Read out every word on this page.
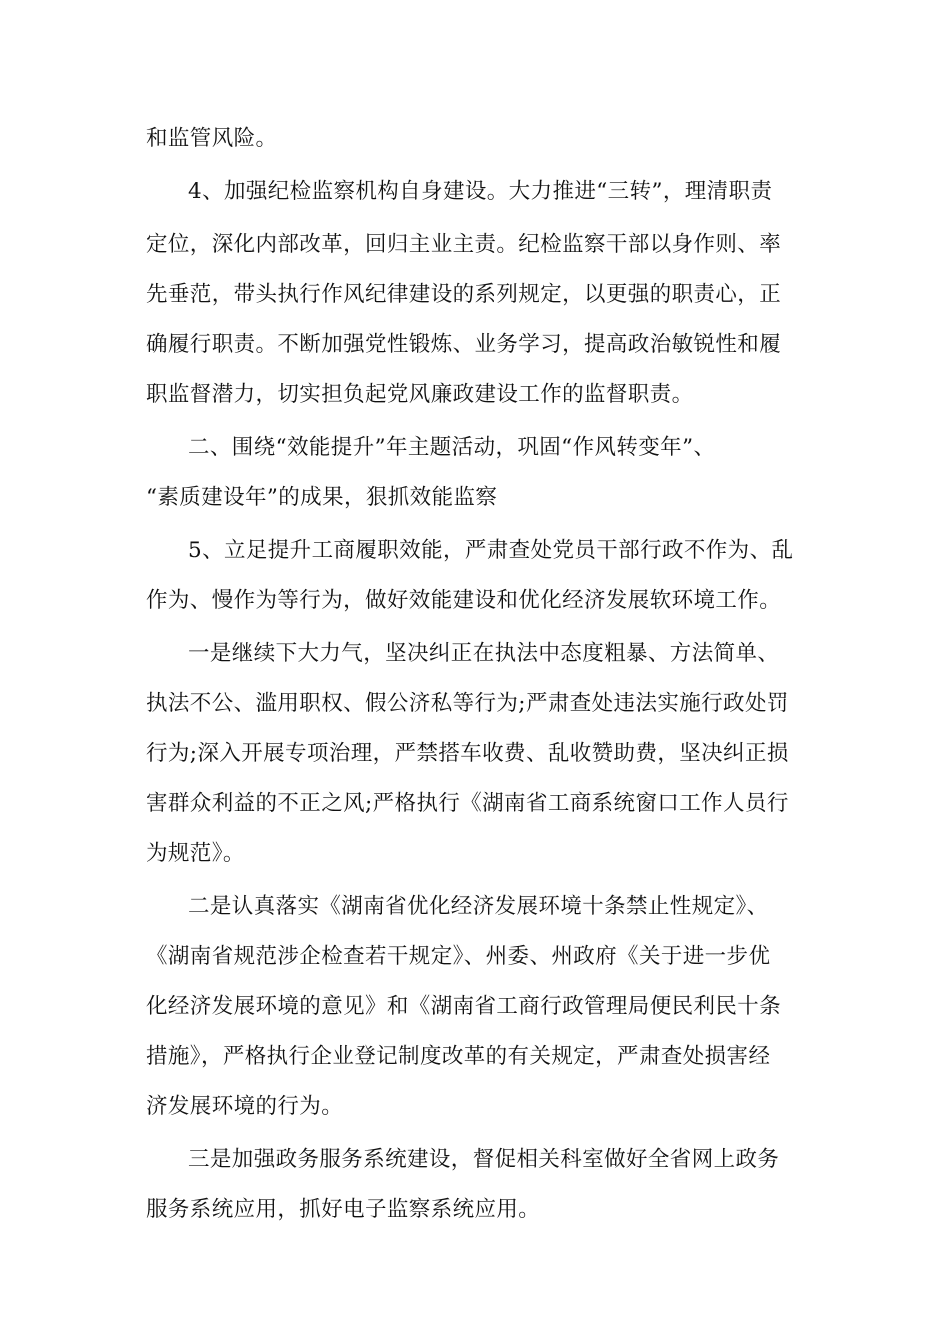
和监管风险。
4、加强纪检监察机构自身建设。大力推进“三转”，理清职责
定位，深化内部改革，回归主业主责。纪检监察干部以身作则、率
先垂范，带头执行作风纪律建设的系列规定，以更强的职责心，正
确履行职责。不断加强党性锻炼、业务学习，提高政治敏锐性和履
职监督潜力，切实担负起党风廉政建设工作的监督职责。
二、围绕“效能提升”年主题活动，巩固“作风转变年”、
“素质建设年”的成果，狠抓效能监察
5、立足提升工商履职效能，严肃查处党员干部行政不作为、乱
作为、慢作为等行为，做好效能建设和优化经济发展软环境工作。
一是继续下大力气，坚决纠正在执法中态度粗暴、方法简单、
执法不公、滥用职权、假公济私等行为;严肃查处违法实施行政处罚
行为;深入开展专项治理，严禁搭车收费、乱收赞助费，坚决纠正损
害群众利益的不正之风;严格执行《湖南省工商系统窗口工作人员行
为规范》。
二是认真落实《湖南省优化经济发展环境十条禁止性规定》、
《湖南省规范涉企检查若干规定》、州委、州政府《关于进一步优
化经济发展环境的意见》和《湖南省工商行政管理局便民利民十条
措施》，严格执行企业登记制度改革的有关规定，严肃查处损害经
济发展环境的行为。
三是加强政务服务系统建设，督促相关科室做好全省网上政务
服务系统应用，抓好电子监察系统应用。
